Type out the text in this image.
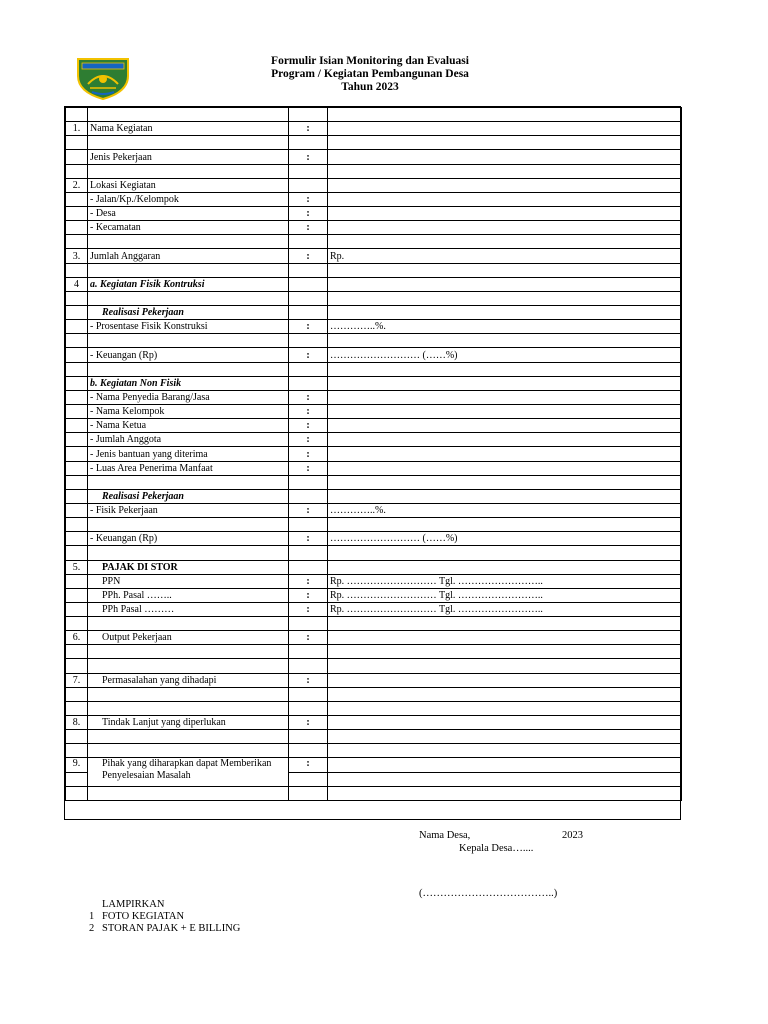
Formulir Isian Monitoring dan Evaluasi
Program / Kegiatan Pembangunan Desa
Tahun 2023

1.	Nama Kegiatan	:	

	Jenis Pekerjaan	:	

2.	Lokasi Kegiatan		
	- Jalan/Kp./Kelompok	:	
	- Desa	:	
	- Kecamatan	:	

3.	Jumlah Anggaran	:	Rp.

4	a. Kegiatan Fisik Kontruksi		

	Realisasi Pekerjaan		
	- Prosentase Fisik Konstruksi	:	…………..%.

	- Keuangan (Rp)	:	……………………… (……%)

	b. Kegiatan Non Fisik		
	- Nama Penyedia Barang/Jasa	:	
	- Nama Kelompok	:	
	- Nama Ketua	:	
	- Jumlah Anggota	:	
	- Jenis bantuan yang diterima	:	
	- Luas Area Penerima Manfaat	:	

	Realisasi Pekerjaan		
	- Fisik Pekerjaan	:	…………..%.

	- Keuangan (Rp)	:	……………………… (……%)

5.	PAJAK DI STOR		
	PPN	:	Rp. ……………………… Tgl. ……………………..
	PPh. Pasal ……..	:	Rp. ……………………… Tgl. ……………………..
	PPh Pasal ………	:	Rp. ……………………… Tgl. ……………………..

6.	Output Pekerjaan	:	

7.	Permasalahan yang dihadapi	:	

8.	Tindak Lanjut yang diperlukan	:	

9.	Pihak yang diharapkan dapat Memberikan Penyelesaian Masalah	:	

Nama Desa,	2023
Kepala Desa…....
(………………………………..)
LAMPIRKAN
1 FOTO KEGIATAN
2 STORAN PAJAK + E BILLING
